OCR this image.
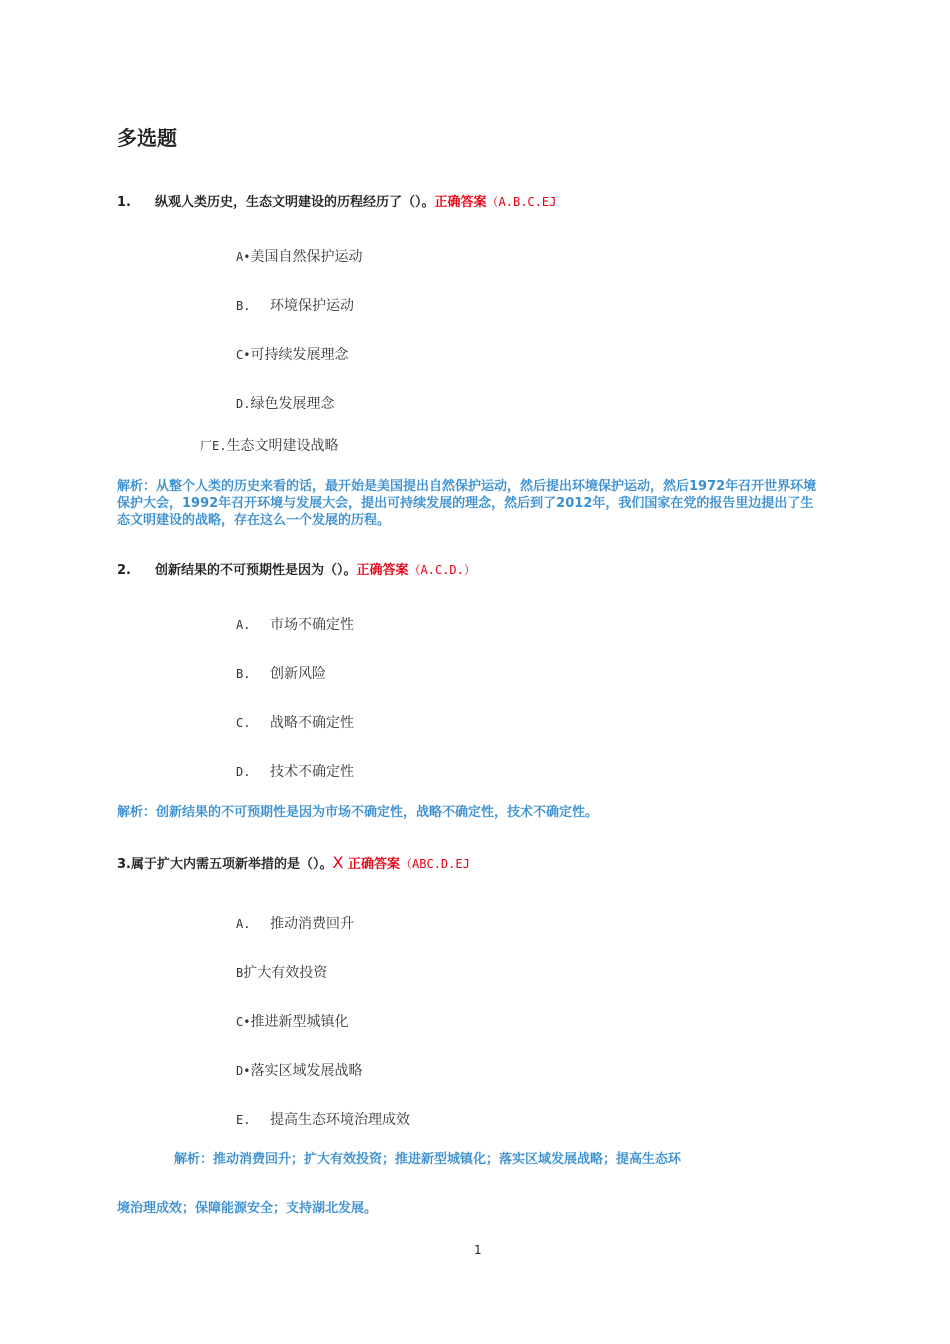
多选题
1. 纵观人类历史，生态文明建设的历程经历了（）。正确答案（A.B.C.EJ
A•美国自然保护运动
B. 环境保护运动
C•可持续发展理念
D.绿色发展理念
厂E.生态文明建设战略
解析：从整个人类的历史来看的话，最开始是美国提出自然保护运动，然后提出环境保护运动，然后1972年召开世界环境保护大会，1992年召开环境与发展大会，提出可持续发展的理念，然后到了2012年，我们国家在党的报告里边提出了生态文明建设的战略，存在这么一个发展的历程。
2. 创新结果的不可预期性是因为（）。正确答案（A.C.D.）
A. 市场不确定性
B. 创新风险
C. 战略不确定性
D. 技术不确定性
解析：创新结果的不可预期性是因为市场不确定性，战略不确定性，技术不确定性。
3.属于扩大内需五项新举措的是（）。X 正确答案（ABC.D.EJ
A. 推动消费回升
B扩大有效投资
C•推进新型城镇化
D•落实区域发展战略
E. 提高生态环境治理成效
解析：推动消费回升；扩大有效投资；推进新型城镇化；落实区域发展战略；提高生态环
境治理成效；保障能源安全；支持湖北发展。
1
